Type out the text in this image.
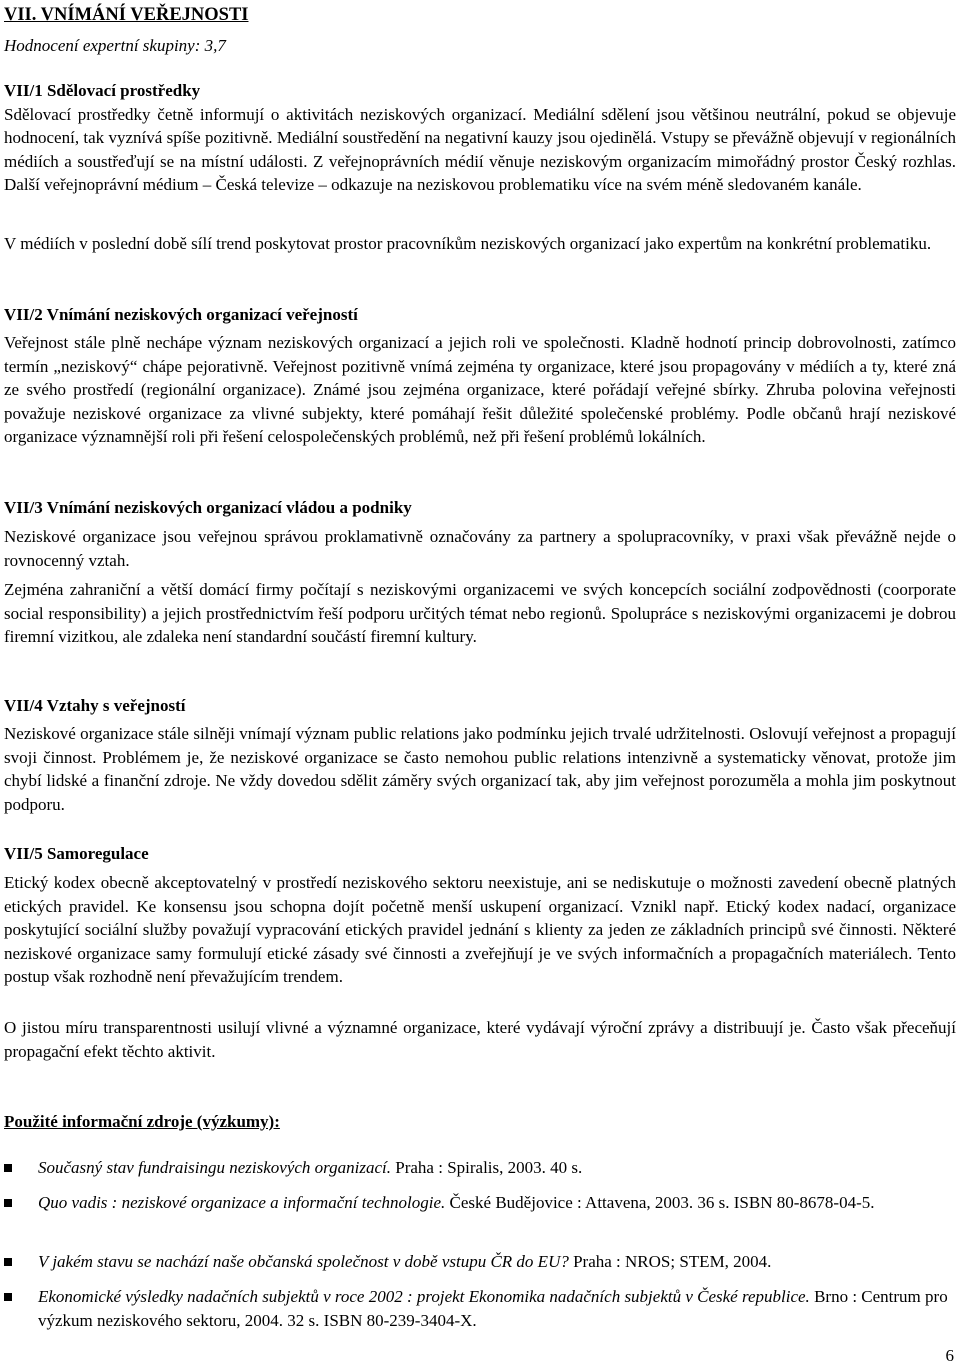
VII. VNÍMÁNÍ VEŘEJNOSTI
Hodnocení expertní skupiny: 3,7
VII/1 Sdělovací prostředky

Sdělovací prostředky četně informují o aktivitách neziskových organizací. Mediální sdělení jsou většinou neutrální, pokud se objevuje hodnocení, tak vyznívá spíše pozitivně. Mediální soustředění na negativní kauzy jsou ojedinělá. Vstupy se převážně objevují v regionálních médiích a soustřeďují se na místní události. Z veřejnoprávních médií věnuje neziskovým organizacím mimořádný prostor Český rozhlas. Další veřejnoprávní médium – Česká televize – odkazuje na neziskovou problematiku více na svém méně sledovaném kanále.

V médiích v poslední době sílí trend poskytovat prostor pracovníkům neziskových organizací jako expertům na konkrétní problematiku.

VII/2 Vnímání neziskových organizací veřejností

Veřejnost stále plně nechápe význam neziskových organizací a jejich roli ve společnosti. Kladně hodnotí princip dobrovolnosti, zatímco termín „neziskový“ chápe pejorativně. Veřejnost pozitivně vnímá zejména ty organizace, které jsou propagovány v médiích a ty, které zná ze svého prostředí (regionální organizace). Známé jsou zejména organizace, které pořádají veřejné sbírky. Zhruba polovina veřejnosti považuje neziskové organizace za vlivné subjekty, které pomáhají řešit důležité společenské problémy. Podle občanů hrají neziskové organizace významnější roli při řešení celospolečenských problémů, než při řešení problémů lokálních.

VII/3 Vnímání neziskových organizací vládou a podniky

Neziskové organizace jsou veřejnou správou proklamativně označovány za partnery a spolupracovníky, v praxi však převážně nejde o rovnocenný vztah.

Zejména zahraniční a větší domácí firmy počítají s neziskovými organizacemi ve svých koncepcích sociální zodpovědnosti (coorporate social responsibility) a jejich prostřednictvím řeší podporu určitých témat nebo regionů. Spolupráce s neziskovými organizacemi je dobrou firemní vizitkou, ale zdaleka není standardní součástí firemní kultury.

VII/4 Vztahy s veřejností

Neziskové organizace stále silněji vnímají význam public relations jako podmínku jejich trvalé udržitelnosti. Oslovují veřejnost a propagují svoji činnost. Problémem je, že neziskové organizace se často nemohou public relations intenzivně a systematicky věnovat, protože jim chybí lidské a finanční zdroje. Ne vždy dovedou sdělit záměry svých organizací tak, aby jim veřejnost porozuměla a mohla jim poskytnout podporu.

VII/5 Samoregulace

Etický kodex obecně akceptovatelný v prostředí neziskového sektoru neexistuje, ani se nediskutuje o možnosti zavedení obecně platných etických pravidel. Ke konsensu jsou schopna dojít početně menší uskupení organizací. Vznikl např. Etický kodex nadací, organizace poskytující sociální služby považují vypracování etických pravidel jednání s klienty za jeden ze základních principů své činnosti. Některé neziskové organizace samy formulují etické zásady své činnosti a zveřejňují je ve svých informačních a propagačních materiálech. Tento postup však rozhodně není převažujícím trendem.

O jistou míru transparentnosti usilují vlivné a významné organizace, které vydávají výroční zprávy a distribuují je. Často však přeceňují propagační efekt těchto aktivit.

Použité informační zdroje (výzkumy):
Současný stav fundraisingu neziskových organizací. Praha : Spiralis, 2003. 40 s.
Quo vadis : neziskové organizace a informační technologie. České Budějovice : Attavena, 2003. 36 s. ISBN 80-8678-04-5.
V jakém stavu se nachází naše občanská společnost v době vstupu ČR do EU? Praha : NROS; STEM, 2004.
Ekonomické výsledky nadačních subjektů v roce 2002 : projekt Ekonomika nadačních subjektů v České republice. Brno : Centrum pro výzkum neziskového sektoru, 2004. 32 s. ISBN 80-239-3404-X.
6
